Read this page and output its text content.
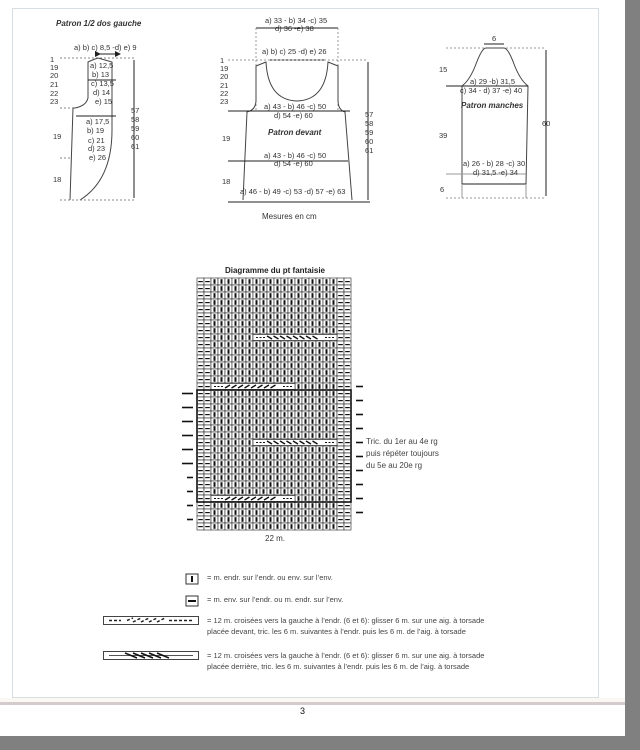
Patron 1/2 dos gauche
a) b) c) 8,5 -d) e) 9
a) 12,5
b) 13
c) 13,5
d) 14
e) 15
a) 17,5
b) 19
c) 21
d) 23
e) 26
1
19
20
21
22
23
19
18
57
58
59
60
61
a) 33 - b) 34 -c) 35
d) 36 -e) 38
a) b) c) 25 -d) e) 26
a) 43 - b) 46 -c) 50
d) 54 -e) 60
Patron devant
a) 43 - b) 46 -c) 50
d) 54 -e) 60
a) 46 - b) 49 -c) 53 -d) 57 -e) 63
1
19
20
21
22
23
19
18
57
58
59
60
61
6
a) 29 -b) 31,5
c) 34 - d) 37 -e) 40
Patron manches
a) 26 - b) 28 -c) 30
d) 31,5 -e) 34
15
39
60
6
Mesures en cm
Diagramme du pt fantaisie
22 m.
Tric. du 1er au 4e rg puis répéter toujours du 5e au 20e rg
= m. endr. sur l’endr. ou env. sur l’env.
= m. env. sur l’endr. ou m. endr. sur l’env.
= 12 m. croisées vers la gauche à l’endr. (6 et 6): glisser 6 m. sur une aig. à torsade placée devant, tric. les 6 m. suivantes à l’endr. puis les 6 m. de l’aig. à torsade
= 12 m. croisées vers la gauche à l’endr. (6 et 6): glisser 6 m. sur une aig. à torsade placée derrière, tric. les 6 m. suivantes à l’endr. puis les 6 m. de l’aig. à torsade
3
